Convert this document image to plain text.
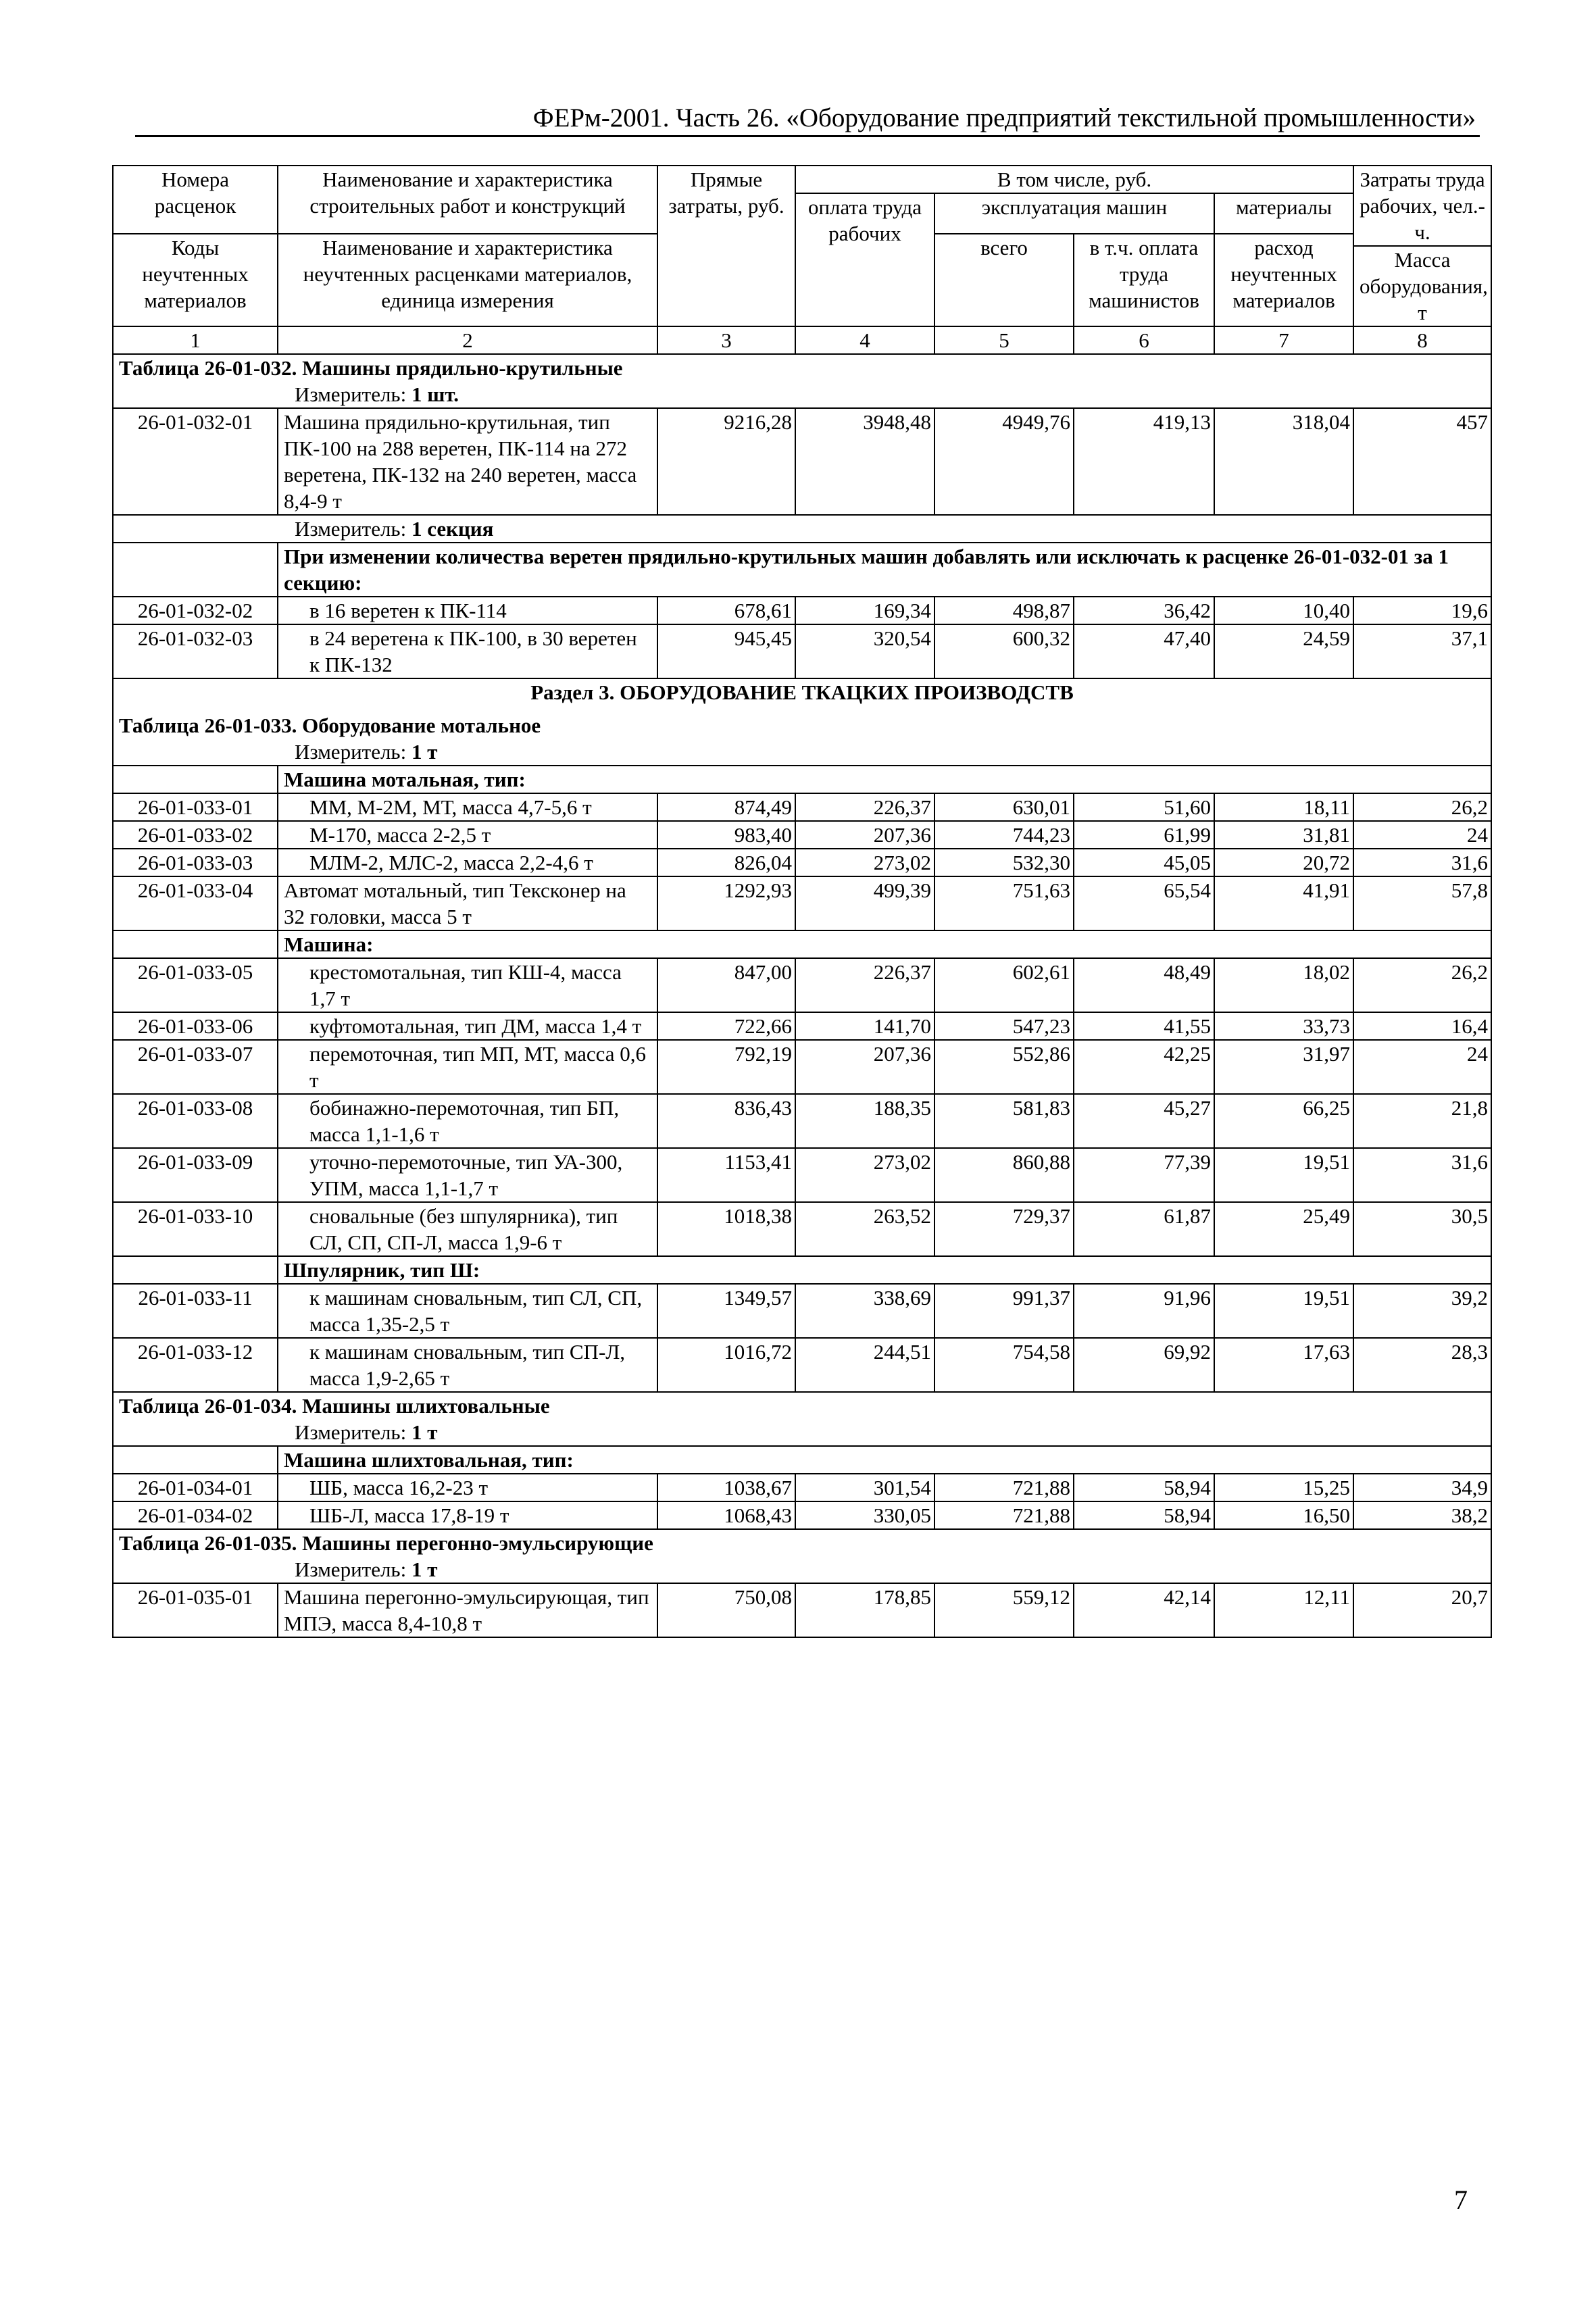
ФЕРм-2001. Часть 26. «Оборудование предприятий текстильной промышленности»
Номера расценок	Наименование и характеристика строительных работ и конструкций	Прямые затраты, руб.	В том числе, руб.				Затраты труда рабочих, чел.-ч.
			оплата труда рабочих	эксплуатация машин		материалы	
Коды неучтенных материалов	Наименование и характеристика неучтенных расценками материалов, единица измерения			всего	в т.ч. оплата труда машинистов	расход неучтенных материалов	
							Масса оборудования, т
1	2	3	4	5	6	7	8
Таблица 26-01-032. Машины прядильно-крутильные							
Измеритель: 1 шт.							
26-01-032-01	Машина прядильно-крутильная, тип ПК-100 на 288 веретен, ПК-114 на 272 веретена, ПК-132 на 240 веретен, масса 8,4-9 т	9216,28	3948,48	4949,76	419,13	318,04	457
Измеритель: 1 секция							
	При изменении количества веретен прядильно-крутильных машин добавлять или исключать к расценке 26-01-032-01 за 1 секцию:						
26-01-032-02	в 16 веретен к ПК-114	678,61	169,34	498,87	36,42	10,40	19,6
26-01-032-03	в 24 веретена к ПК-100, в 30 веретен к ПК-132	945,45	320,54	600,32	47,40	24,59	37,1
Раздел 3. ОБОРУДОВАНИЕ ТКАЦКИХ ПРОИЗВОДСТВ							
Таблица 26-01-033. Оборудование мотальное							
Измеритель: 1 т							
	Машина мотальная, тип:						
26-01-033-01	ММ, М-2М, МТ, масса 4,7-5,6 т	874,49	226,37	630,01	51,60	18,11	26,2
26-01-033-02	М-170, масса 2-2,5 т	983,40	207,36	744,23	61,99	31,81	24
26-01-033-03	МЛМ-2, МЛС-2, масса 2,2-4,6 т	826,04	273,02	532,30	45,05	20,72	31,6
26-01-033-04	Автомат мотальный, тип Тексконер на 32 головки, масса 5 т	1292,93	499,39	751,63	65,54	41,91	57,8
	Машина:						
26-01-033-05	крестомотальная, тип КШ-4, масса 1,7 т	847,00	226,37	602,61	48,49	18,02	26,2
26-01-033-06	куфтомотальная, тип ДМ, масса 1,4 т	722,66	141,70	547,23	41,55	33,73	16,4
26-01-033-07	перемоточная, тип МП, МТ, масса 0,6 т	792,19	207,36	552,86	42,25	31,97	24
26-01-033-08	бобинажно-перемоточная, тип БП, масса 1,1-1,6 т	836,43	188,35	581,83	45,27	66,25	21,8
26-01-033-09	уточно-перемоточные, тип УА-300, УПМ, масса 1,1-1,7 т	1153,41	273,02	860,88	77,39	19,51	31,6
26-01-033-10	сновальные (без шпулярника), тип СЛ, СП, СП-Л, масса 1,9-6 т	1018,38	263,52	729,37	61,87	25,49	30,5
	Шпулярник, тип Ш:						
26-01-033-11	к машинам сновальным, тип СЛ, СП, масса 1,35-2,5 т	1349,57	338,69	991,37	91,96	19,51	39,2
26-01-033-12	к машинам сновальным, тип СП-Л, масса 1,9-2,65 т	1016,72	244,51	754,58	69,92	17,63	28,3
Таблица 26-01-034. Машины шлихтовальные							
Измеритель: 1 т							
	Машина шлихтовальная, тип:						
26-01-034-01	ШБ, масса 16,2-23 т	1038,67	301,54	721,88	58,94	15,25	34,9
26-01-034-02	ШБ-Л, масса 17,8-19 т	1068,43	330,05	721,88	58,94	16,50	38,2
Таблица 26-01-035. Машины перегонно-эмульсирующие							
Измеритель: 1 т							
26-01-035-01	Машина перегонно-эмульсирующая, тип МПЭ, масса 8,4-10,8 т	750,08	178,85	559,12	42,14	12,11	20,7
7
